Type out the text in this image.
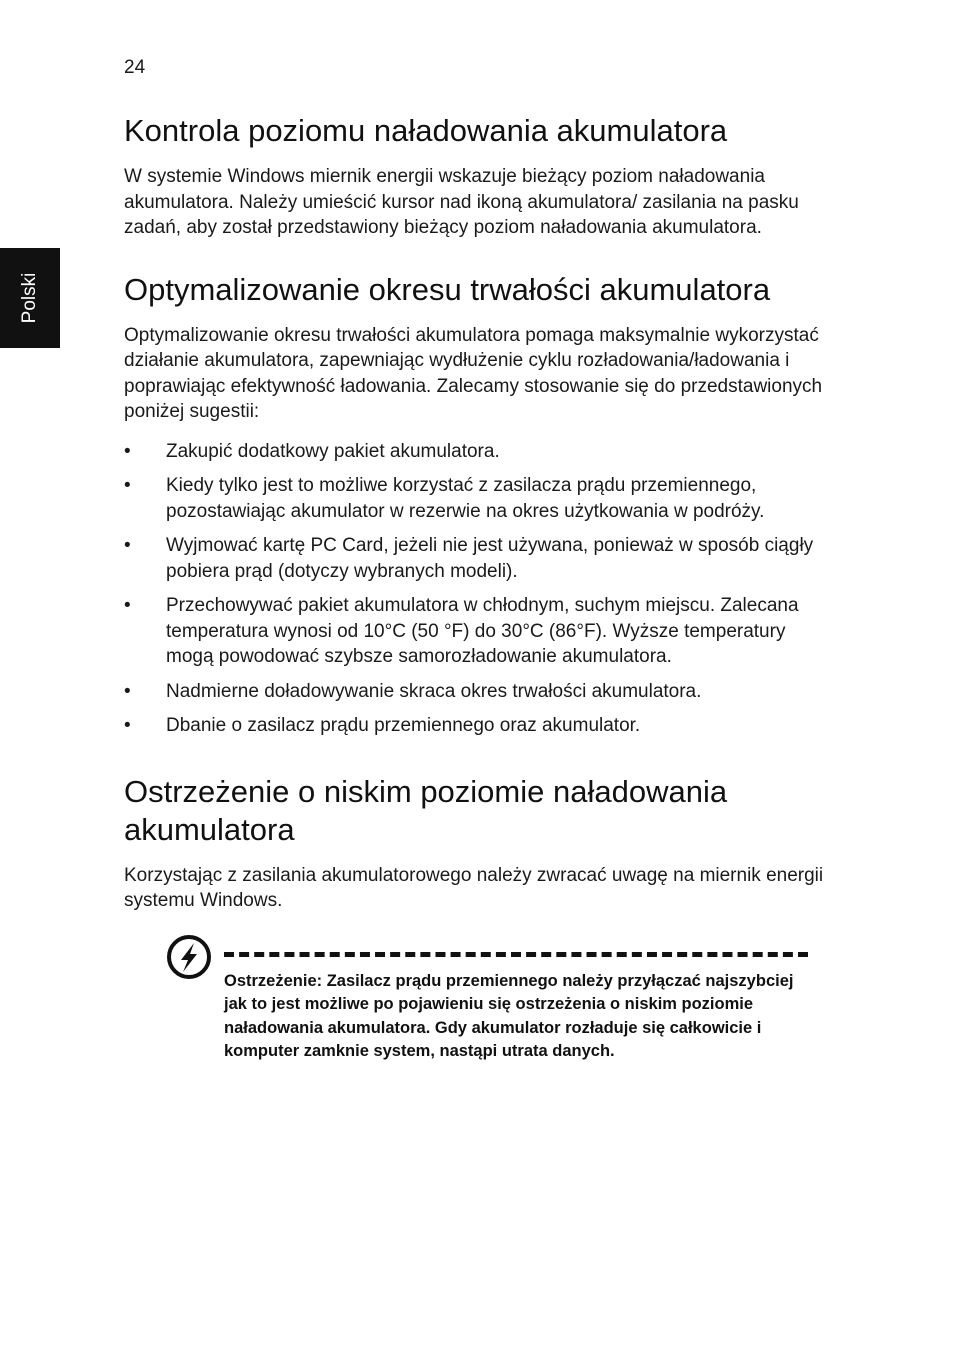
24
Polski
Kontrola poziomu naładowania akumulatora

W systemie Windows miernik energii wskazuje bieżący poziom naładowania akumulatora. Należy umieścić kursor nad ikoną akumulatora/ zasilania na pasku zadań, aby został przedstawiony bieżący poziom naładowania akumulatora.

Optymalizowanie okresu trwałości akumulatora

Optymalizowanie okresu trwałości akumulatora pomaga maksymalnie wykorzystać działanie akumulatora, zapewniając wydłużenie cyklu rozładowania/ładowania i poprawiając efektywność ładowania. Zalecamy stosowanie się do przedstawionych poniżej sugestii:

• Zakupić dodatkowy pakiet akumulatora.
• Kiedy tylko jest to możliwe korzystać z zasilacza prądu przemiennego, pozostawiając akumulator w rezerwie na okres użytkowania w podróży.
• Wyjmować kartę PC Card, jeżeli nie jest używana, ponieważ w sposób ciągły pobiera prąd (dotyczy wybranych modeli).
• Przechowywać pakiet akumulatora w chłodnym, suchym miejscu. Zalecana temperatura wynosi od 10°C (50 °F) do 30°C (86°F). Wyższe temperatury mogą powodować szybsze samorozładowanie akumulatora.
• Nadmierne doładowywanie skraca okres trwałości akumulatora.
• Dbanie o zasilacz prądu przemiennego oraz akumulator.
Ostrzeżenie o niskim poziomie naładowania akumulatora

Korzystając z zasilania akumulatorowego należy zwracać uwagę na miernik energii systemu Windows.

Ostrzeżenie: Zasilacz prądu przemiennego należy przyłączać najszybciej jak to jest możliwe po pojawieniu się ostrzeżenia o niskim poziomie naładowania akumulatora. Gdy akumulator rozładuje się całkowicie i komputer zamknie system, nastąpi utrata danych.
